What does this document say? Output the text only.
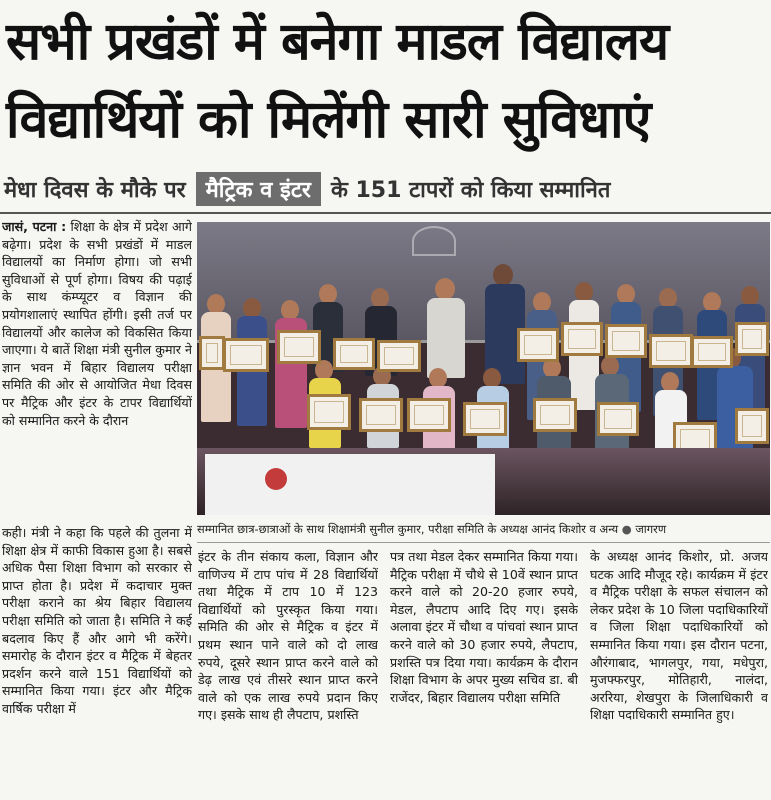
सभी प्रखंडों में बनेगा माडल विद्यालय
विद्यार्थियों को मिलेंगी सारी सुविधाएं
मेधा दिवस के मौके पर मैट्रिक व इंटर के 151 टापरों को किया सम्मानित
जासं, पटना : शिक्षा के क्षेत्र में प्रदेश आगे बढ़ेगा। प्रदेश के सभी प्रखंडों में माडल विद्यालयों का निर्माण होगा। जो सभी सुविधाओं से पूर्ण होगा। विषय की पढ़ाई के साथ कंम्प्यूटर व विज्ञान की प्रयोगशालाएं स्थापित होंगी। इसी तर्ज पर विद्यालयों और कालेज को विकसित किया जाएगा। ये बातें शिक्षा मंत्री सुनील कुमार ने ज्ञान भवन में बिहार विद्यालय परीक्षा समिति की ओर से आयोजित मेधा दिवस पर मैट्रिक और इंटर के टापर विद्यार्थियों को सम्मानित करने के दौरान
कही। मंत्री ने कहा कि पहले की तुलना में शिक्षा क्षेत्र में काफी विकास हुआ है। सबसे अधिक पैसा शिक्षा विभाग को सरकार से प्राप्त होता है। प्रदेश में कदाचार मुक्त परीक्षा कराने का श्रेय बिहार विद्यालय परीक्षा समिति को जाता है। समिति ने कई बदलाव किए हैं और आगे भी करेंगे। समारोह के दौरान इंटर व मैट्रिक में बेहतर प्रदर्शन करने वाले 151 विद्यार्थियों को सम्मानित किया गया। इंटर और मैट्रिक वार्षिक परीक्षा में
सम्मानित छात्र-छात्राओं के साथ शिक्षामंत्री सुनील कुमार, परीक्षा समिति के अध्यक्ष आनंद किशोर व अन्य ● जागरण
इंटर के तीन संकाय कला, विज्ञान और वाणिज्य में टाप पांच में 28 विद्यार्थियों तथा मैट्रिक में टाप 10 में 123 विद्यार्थियों को पुरस्कृत किया गया। समिति की ओर से मैट्रिक व इंटर में प्रथम स्थान पाने वाले को दो लाख रुपये, दूसरे स्थान प्राप्त करने वाले को डेढ़ लाख एवं तीसरे स्थान प्राप्त करने वाले को एक लाख रुपये प्रदान किए गए। इसके साथ ही लैपटाप, प्रशस्ति
पत्र तथा मेडल देकर सम्मानित किया गया। मैट्रिक परीक्षा में चौथे से 10वें स्थान प्राप्त करने वाले को 20-20 हजार रुपये, मेडल, लैपटाप आदि दिए गए। इसके अलावा इंटर में चौथा व पांचवां स्थान प्राप्त करने वाले को 30 हजार रुपये, लैपटाप, प्रशस्ति पत्र दिया गया। कार्यक्रम के दौरान शिक्षा विभाग के अपर मुख्य सचिव डा. बी राजेंदर, बिहार विद्यालय परीक्षा समिति
के अध्यक्ष आनंद किशोर, प्रो. अजय घटक आदि मौजूद रहे। कार्यक्रम में इंटर व मैट्रिक परीक्षा के सफल संचालन को लेकर प्रदेश के 10 जिला पदाधिकारियों व जिला शिक्षा पदाधिकारियों को सम्मानित किया गया। इस दौरान पटना, औरंगाबाद, भागलपुर, गया, मधेपुरा, मुजफ्फरपुर, मोतिहारी, नालंदा, अररिया, शेखपुरा के जिलाधिकारी व शिक्षा पदाधिकारी सम्मानित हुए।
